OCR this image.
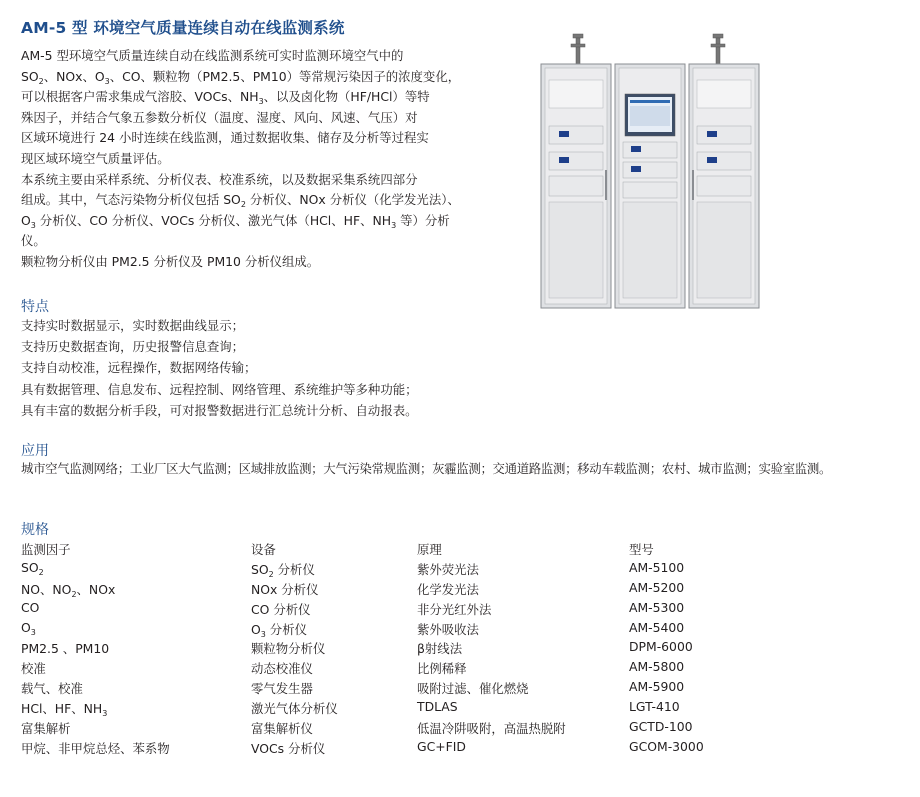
AM-5 型 环境空气质量连续自动在线监测系统

AM-5 型环境空气质量连续自动在线监测系统可实时监测环境空气中的
$SO_2$、NOx、$O_3$、CO、颗粒物（PM2.5、PM10）等常规污染因子的浓度变化，
可以根据客户需求集成气溶胶、VOCs、$NH_3$、以及卤化物（HF/HCl）等特
殊因子，并结合气象五参数分析仪（温度、湿度、风向、风速、气压）对
区域环境进行 24 小时连续在线监测，通过数据收集、储存及分析等过程实
现区域环境空气质量评估。

本系统主要由采样系统、分析仪表、校准系统，以及数据采集系统四部分
组成。其中，气态污染物分析仪包括 $SO_2$ 分析仪、NOx 分析仪（化学发光法）、
$O_3$ 分析仪、CO 分析仪、VOCs 分析仪、激光气体（HCl、HF、$NH_3$ 等）分析仪。
颗粒物分析仪由 PM2.5 分析仪及 PM10 分析仪组成。

特点
支持实时数据显示，实时数据曲线显示；
支持历史数据查询，历史报警信息查询；
支持自动校准，远程操作，数据网络传输；
具有数据管理、信息发布、远程控制、网络管理、系统维护等多种功能；
具有丰富的数据分析手段，可对报警数据进行汇总统计分析、自动报表。
应用
城市空气监测网络；工业厂区大气监测；区域排放监测；大气污染常规监测；灰霾监测；交通道路监测；移动车载监测；农村、城市监测；实验室监测。
规格
监测因子	设备	原理	型号
$SO_2$	$SO_2$ 分析仪	紫外荧光法	AM-5100
NO、$NO_2$、NOx	NOx 分析仪	化学发光法	AM-5200
CO	CO 分析仪	非分光红外法	AM-5300
$O_3$	$O_3$ 分析仪	紫外吸收法	AM-5400
PM2.5 、PM10	颗粒物分析仪	β射线法	DPM-6000
校准	动态校准仪	比例稀释	AM-5800
载气、校准	零气发生器	吸附过滤、催化燃烧	AM-5900
HCl、HF、$NH_3$	激光气体分析仪	TDLAS	LGT-410
富集解析	富集解析仪	低温冷阱吸附，高温热脱附	GCTD-100
甲烷、非甲烷总烃、苯系物	VOCs 分析仪	GC+FID	GCOM-3000
